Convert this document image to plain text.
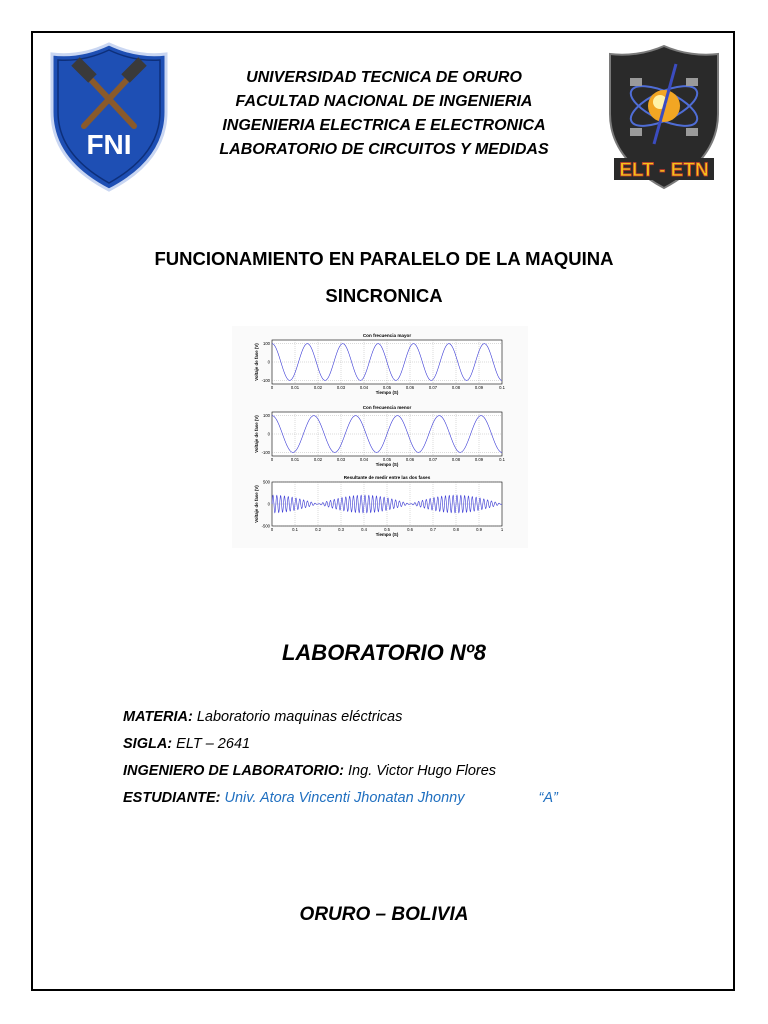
FNI
ELT - ETN
UNIVERSIDAD TECNICA DE ORURO
FACULTAD NACIONAL DE INGENIERIA
INGENIERIA ELECTRICA E ELECTRONICA
LABORATORIO DE CIRCUITOS Y MEDIDAS
FUNCIONAMIENTO EN PARALELO DE LA MAQUINA
SINCRONICA
Con frecuencia mayor
0	0.01	0.02	0.03	0.04	0.05	0.06	0.07	0.08	0.09	0.1
100
0
-100
Tiempo (S)
Voltaje de fase (V)
Con frecuencia menor
0	0.01	0.02	0.03	0.04	0.05	0.06	0.07	0.08	0.09	0.1
100
0
-100
Tiempo (S)
Voltaje de fase (V)
Resultante de medir entre las dos fases
0	0.1	0.2	0.3	0.4	0.5	0.6	0.7	0.8	0.9	1
500
0
-500
Tiempo (S)
Voltaje de fase (V)
LABORATORIO Nº8
MATERIA: Laboratorio maquinas eléctricas
SIGLA: ELT – 2641
INGENIERO DE LABORATORIO: Ing. Victor Hugo Flores
ESTUDIANTE: Univ. Atora Vincenti Jhonatan Jhonny	“A”
ORURO – BOLIVIA
